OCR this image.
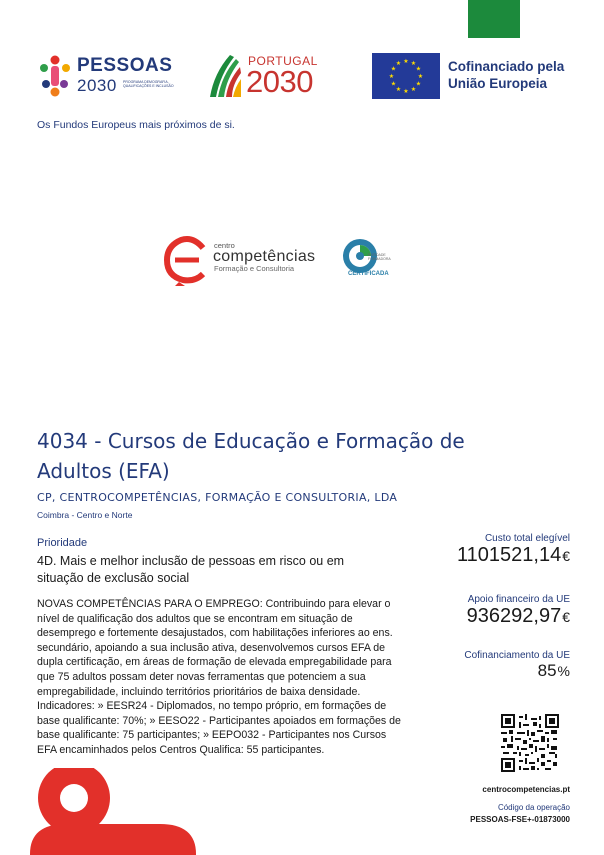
PESSOAS
2030 PROGRAMA DEMOGRAFIA, QUALIFICAÇÕES E INCLUSÃO
PORTUGAL
2030
★ ★
★
★
★
★
★
★
★
★
★
★	Cofinanciado pela
União Europeia
Os Fundos Europeus mais próximos de si.
centro
competências
Formação e Consultoria
ENTIDADE FORMADORA
CERTIFICADA
4034 - Cursos de Educação e Formação de Adultos (EFA)
CP, CENTROCOMPETÊNCIAS, FORMAÇÃO E CONSULTORIA, LDA
Coimbra - Centro e Norte
Prioridade
4D. Mais e melhor inclusão de pessoas em risco ou em situação de exclusão social
NOVAS COMPETÊNCIAS PARA O EMPREGO: Contribuindo para elevar o nível de qualificação dos adultos que se encontram em situação de desemprego e fortemente desajustados, com habilitações inferiores ao ens. secundário, apoiando a sua inclusão ativa, desenvolvemos cursos EFA de dupla certificação, em áreas de formação de elevada empregabilidade para que 75 adultos possam deter novas ferramentas que potenciem a sua empregabilidade, incluindo territórios prioritários de baixa densidade. Indicadores: » EESR24 - Diplomados, no tempo próprio, em formações de base qualificante: 70%; » EESO22 - Participantes apoiados em formações de base qualificante: 75 participantes; » EEPO032 - Participantes nos Cursos EFA encaminhados pelos Centros Qualifica: 55 participantes.
Custo total elegível
1101521,14€
Apoio financeiro da UE
936292,97€
Cofinanciamento da UE
85%
centrocompetencias.pt
Código da operação
PESSOAS-FSE+-01873000
